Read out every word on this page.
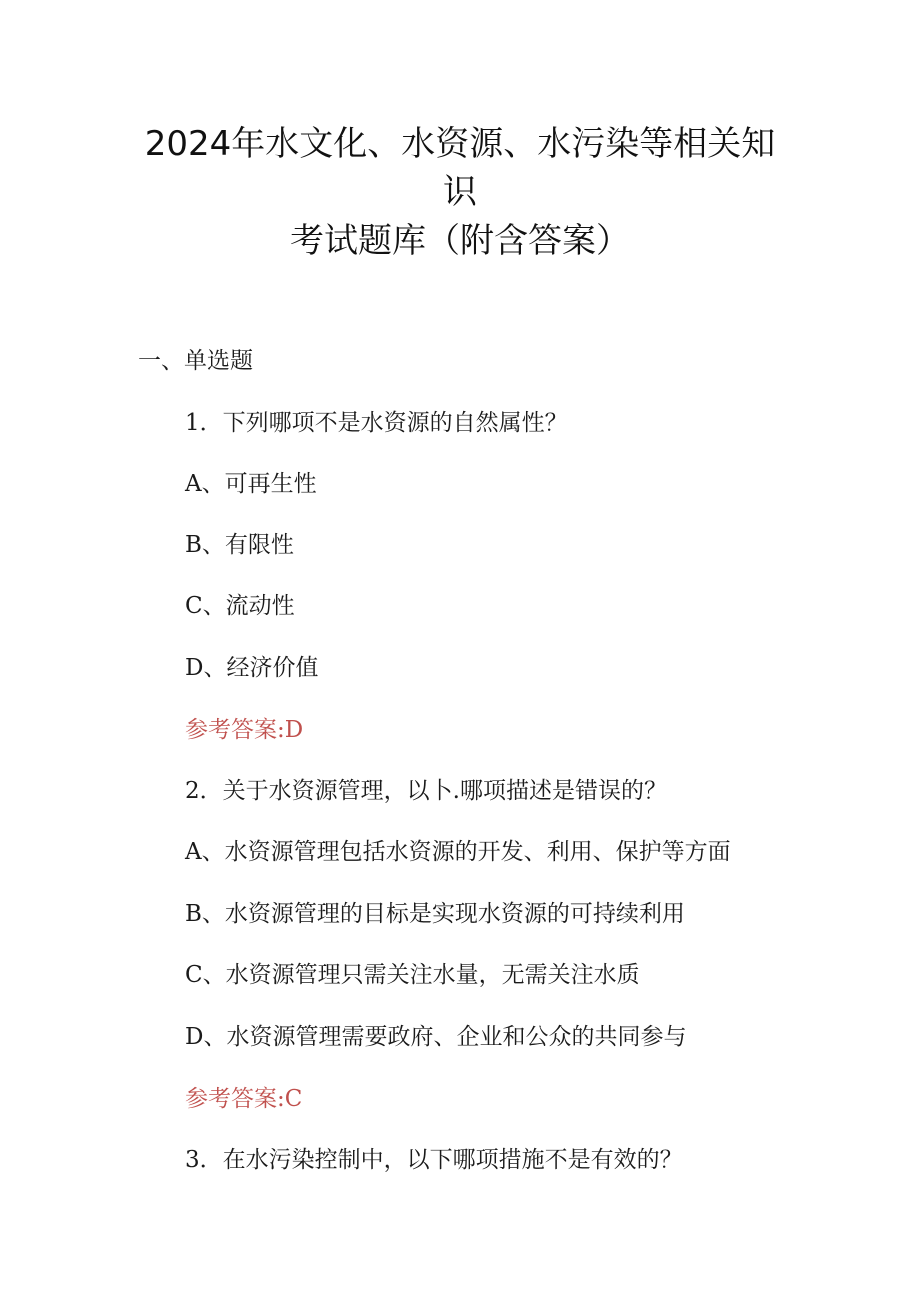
2024年水文化、水资源、水污染等相关知
识
考试题库（附含答案）
一、单选题
1．下列哪项不是水资源的自然属性？
A、可再生性
B、有限性
C、流动性
D、经济价值
参考答案:D
2．关于水资源管理，以卜.哪项描述是错误的？
A、水资源管理包括水资源的开发、利用、保护等方面
B、水资源管理的目标是实现水资源的可持续利用
C、水资源管理只需关注水量，无需关注水质
D、水资源管理需要政府、企业和公众的共同参与
参考答案:C
3．在水污染控制中，以下哪项措施不是有效的？
